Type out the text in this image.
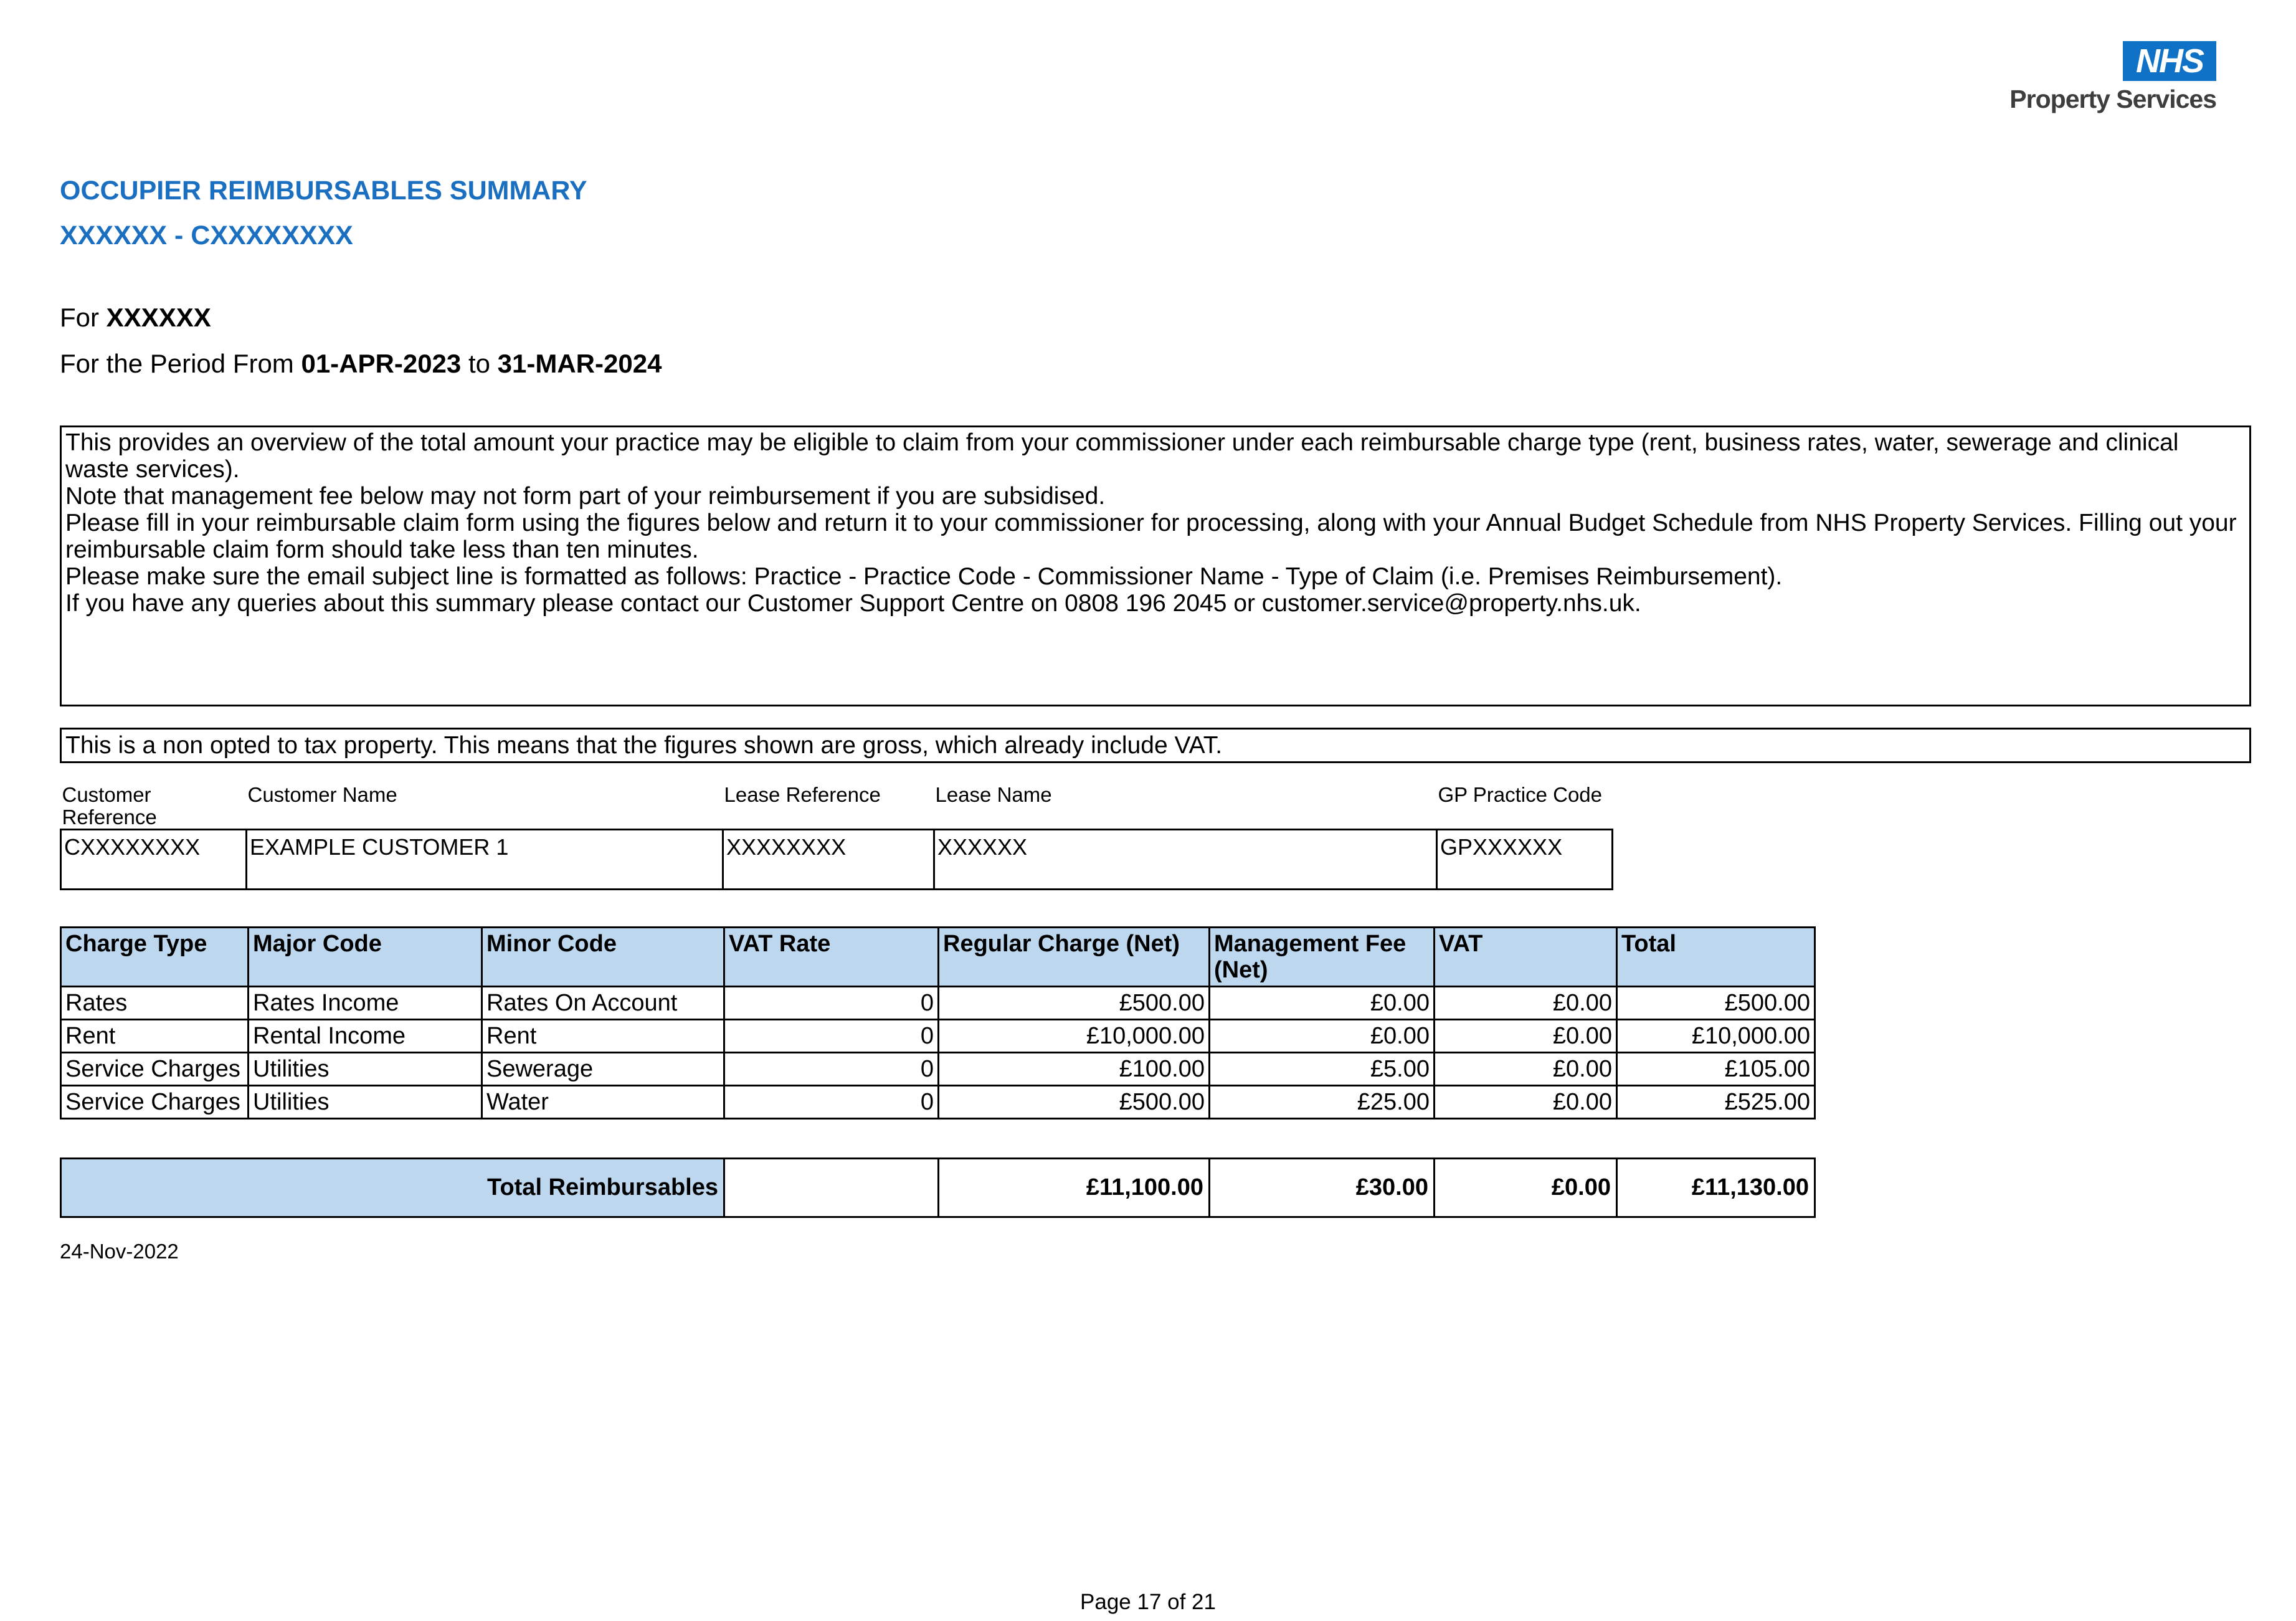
NHS
Property Services
OCCUPIER REIMBURSABLES SUMMARY
XXXXXX - CXXXXXXXX
For XXXXXX
For the Period From 01-APR-2023 to 31-MAR-2024

This provides an overview of the total amount your practice may be eligible to claim from your commissioner under each reimbursable charge type (rent, business rates, water, sewerage and clinical waste services).

Note that management fee below may not form part of your reimbursement if you are subsidised.

Please fill in your reimbursable claim form using the figures below and return it to your commissioner for processing, along with your Annual Budget Schedule from NHS Property Services. Filling out your reimbursable claim form should take less than ten minutes.

Please make sure the email subject line is formatted as follows: Practice - Practice Code - Commissioner Name - Type of Claim (i.e. Premises Reimbursement).

If you have any queries about this summary please contact our Customer Support Centre on 0808 196 2045 or customer.service@property.nhs.uk.

This is a non opted to tax property. This means that the figures shown are gross, which already include VAT.
Customer Reference	Customer Name	Lease Reference	Lease Name	GP Practice Code
CXXXXXXXX	EXAMPLE CUSTOMER 1	XXXXXXXX	XXXXXX	GPXXXXXX
Charge Type	Major Code	Minor Code	VAT Rate	Regular Charge (Net)	Management Fee (Net)	VAT	Total
Rates	Rates Income	Rates On Account	0	£500.00	£0.00	£0.00	£500.00
Rent	Rental Income	Rent	0	£10,000.00	£0.00	£0.00	£10,000.00
Service Charges	Utilities	Sewerage	0	£100.00	£5.00	£0.00	£105.00
Service Charges	Utilities	Water	0	£500.00	£25.00	£0.00	£525.00
Total Reimbursables		£11,100.00	£30.00	£0.00	£11,130.00
24-Nov-2022
Page 17 of 21
